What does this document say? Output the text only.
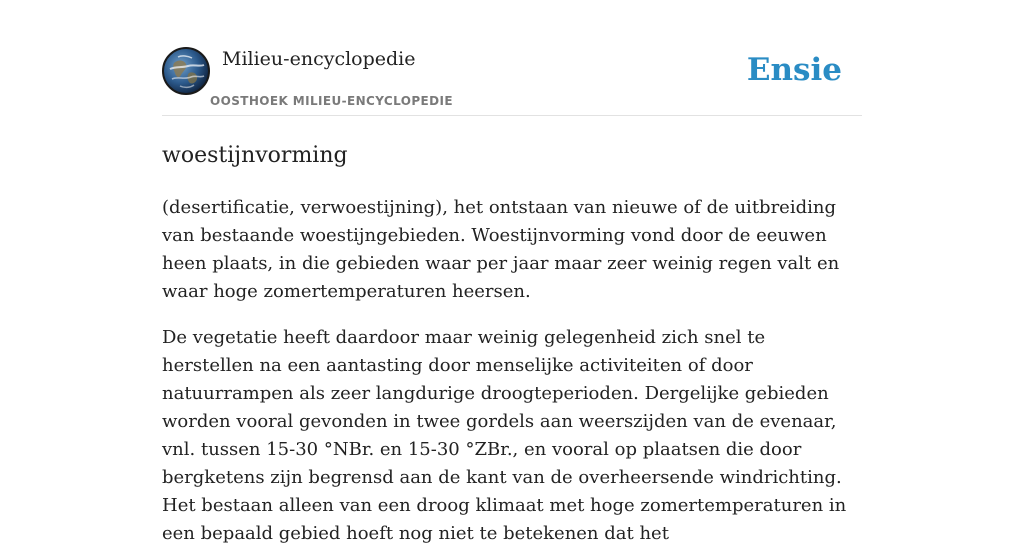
Milieu-encyclopedie
OOSTHOEK MILIEU-ENCYCLOPEDIE
Ensie
woestijnvorming

(desertificatie, verwoestijning), het ontstaan van nieuwe of de uitbreiding van bestaande woestijngebieden. Woestijnvorming vond door de eeuwen heen plaats, in die gebieden waar per jaar maar zeer weinig regen valt en waar hoge zomertemperaturen heersen.

De vegetatie heeft daardoor maar weinig gelegenheid zich snel te herstellen na een aantasting door menselijke activiteiten of door natuurrampen als zeer langdurige droogteperioden. Dergelijke gebieden worden vooral gevonden in twee gordels aan weerszijden van de evenaar, vnl. tussen 15-30 °NBr. en 15-30 °ZBr., en vooral op plaatsen die door bergketens zijn begrensd aan de kant van de overheersende windrichting. Het bestaan alleen van een droog klimaat met hoge zomertemperaturen in een bepaald gebied hoeft nog niet te betekenen dat het
